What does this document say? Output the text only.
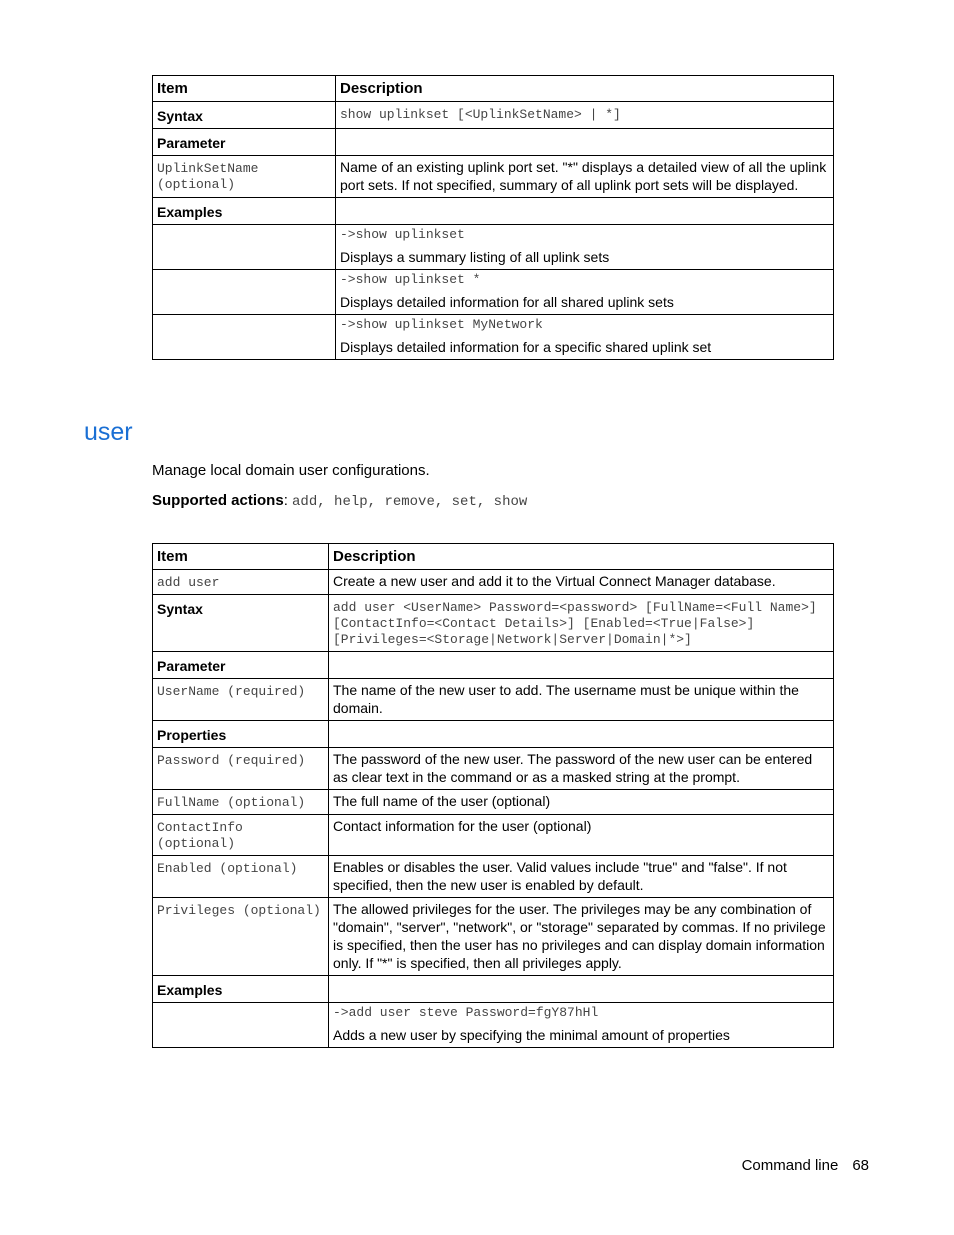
Item	Description
Syntax	show uplinkset [<UplinkSetName> | *]
Parameter	
UplinkSetName (optional)	Name of an existing uplink port set. "*" displays a detailed view of all the uplink port sets. If not specified, summary of all uplink port sets will be displayed.
Examples	

	->show uplinkset
Displays a summary listing of all uplink sets

	->show uplinkset *
Displays detailed information for all shared uplink sets

	->show uplinkset MyNetwork
Displays detailed information for a specific shared uplink set
user
Manage local domain user configurations.
Supported actions: add, help, remove, set, show
Item	Description
add user	Create a new user and add it to the Virtual Connect Manager database.
Syntax	add user <UserName> Password=<password> [FullName=<Full Name>] [ContactInfo=<Contact Details>] [Enabled=<True|False>] [Privileges=<Storage|Network|Server|Domain|*>]
Parameter	
UserName (required)	The name of the new user to add. The username must be unique within the domain.
Properties	
Password (required)	The password of the new user. The password of the new user can be entered as clear text in the command or as a masked string at the prompt.
FullName (optional)	The full name of the user (optional)
ContactInfo (optional)	Contact information for the user (optional)
Enabled (optional)	Enables or disables the user. Valid values include "true" and "false". If not specified, then the new user is enabled by default.
Privileges (optional)	The allowed privileges for the user. The privileges may be any combination of "domain", "server", "network", or "storage" separated by commas. If no privilege is specified, then the user has no privileges and can display domain information only. If "*" is specified, then all privileges apply.
Examples	

	->add user steve Password=fgY87hHl
Adds a new user by specifying the minimal amount of properties
Command line 68
